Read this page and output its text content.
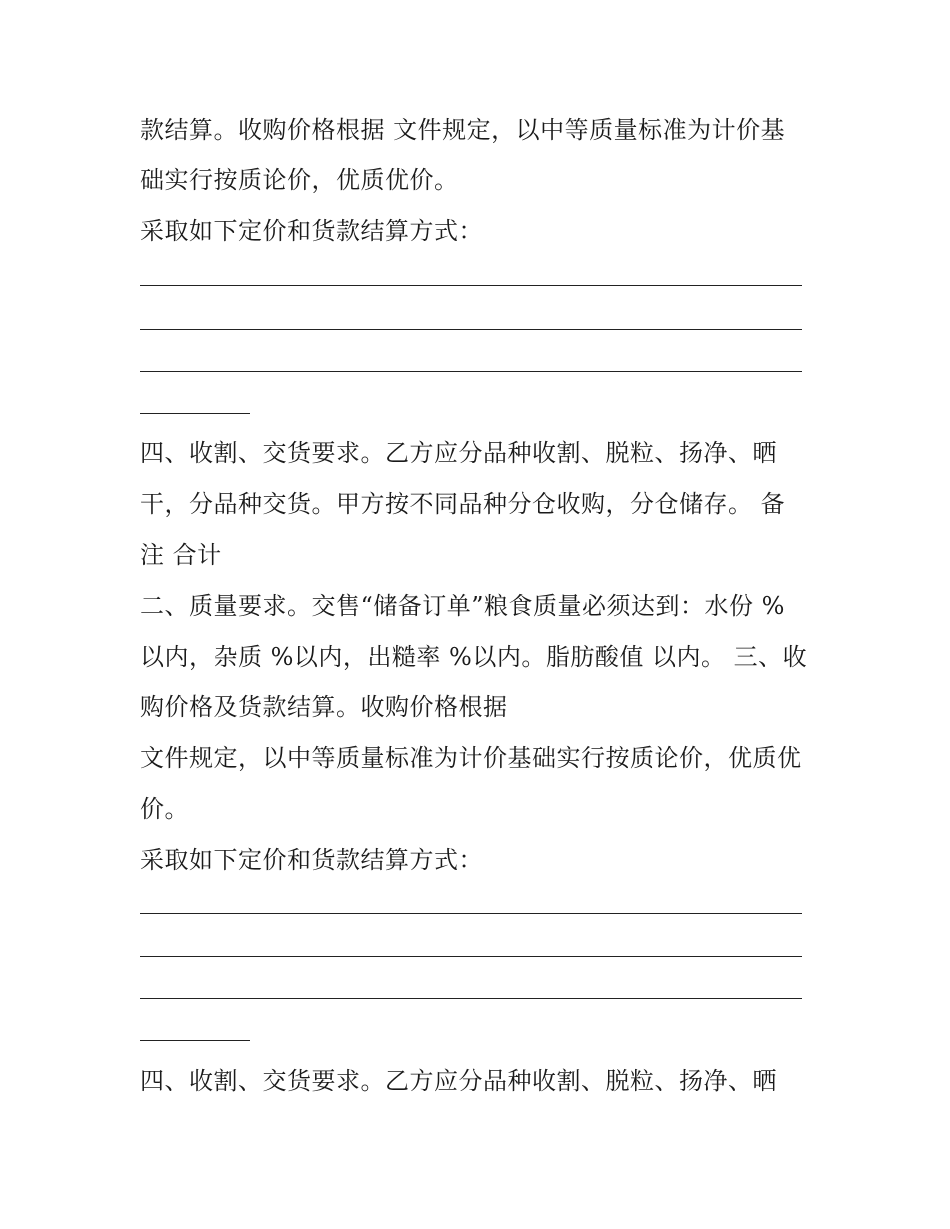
款结算。收购价格根据 文件规定，以中等质量标准为计价基
础实行按质论价，优质优价。
采取如下定价和货款结算方式：
四、收割、交货要求。乙方应分品种收割、脱粒、扬净、晒
干，分品种交货。甲方按不同品种分仓收购，分仓储存。 备
注 合计
二、质量要求。交售“储备订单”粮食质量必须达到：水份 %
以内，杂质 %以内，出糙率 %以内。脂肪酸值 以内。 三、收
购价格及货款结算。收购价格根据
文件规定，以中等质量标准为计价基础实行按质论价，优质优
价。
采取如下定价和货款结算方式：
四、收割、交货要求。乙方应分品种收割、脱粒、扬净、晒
